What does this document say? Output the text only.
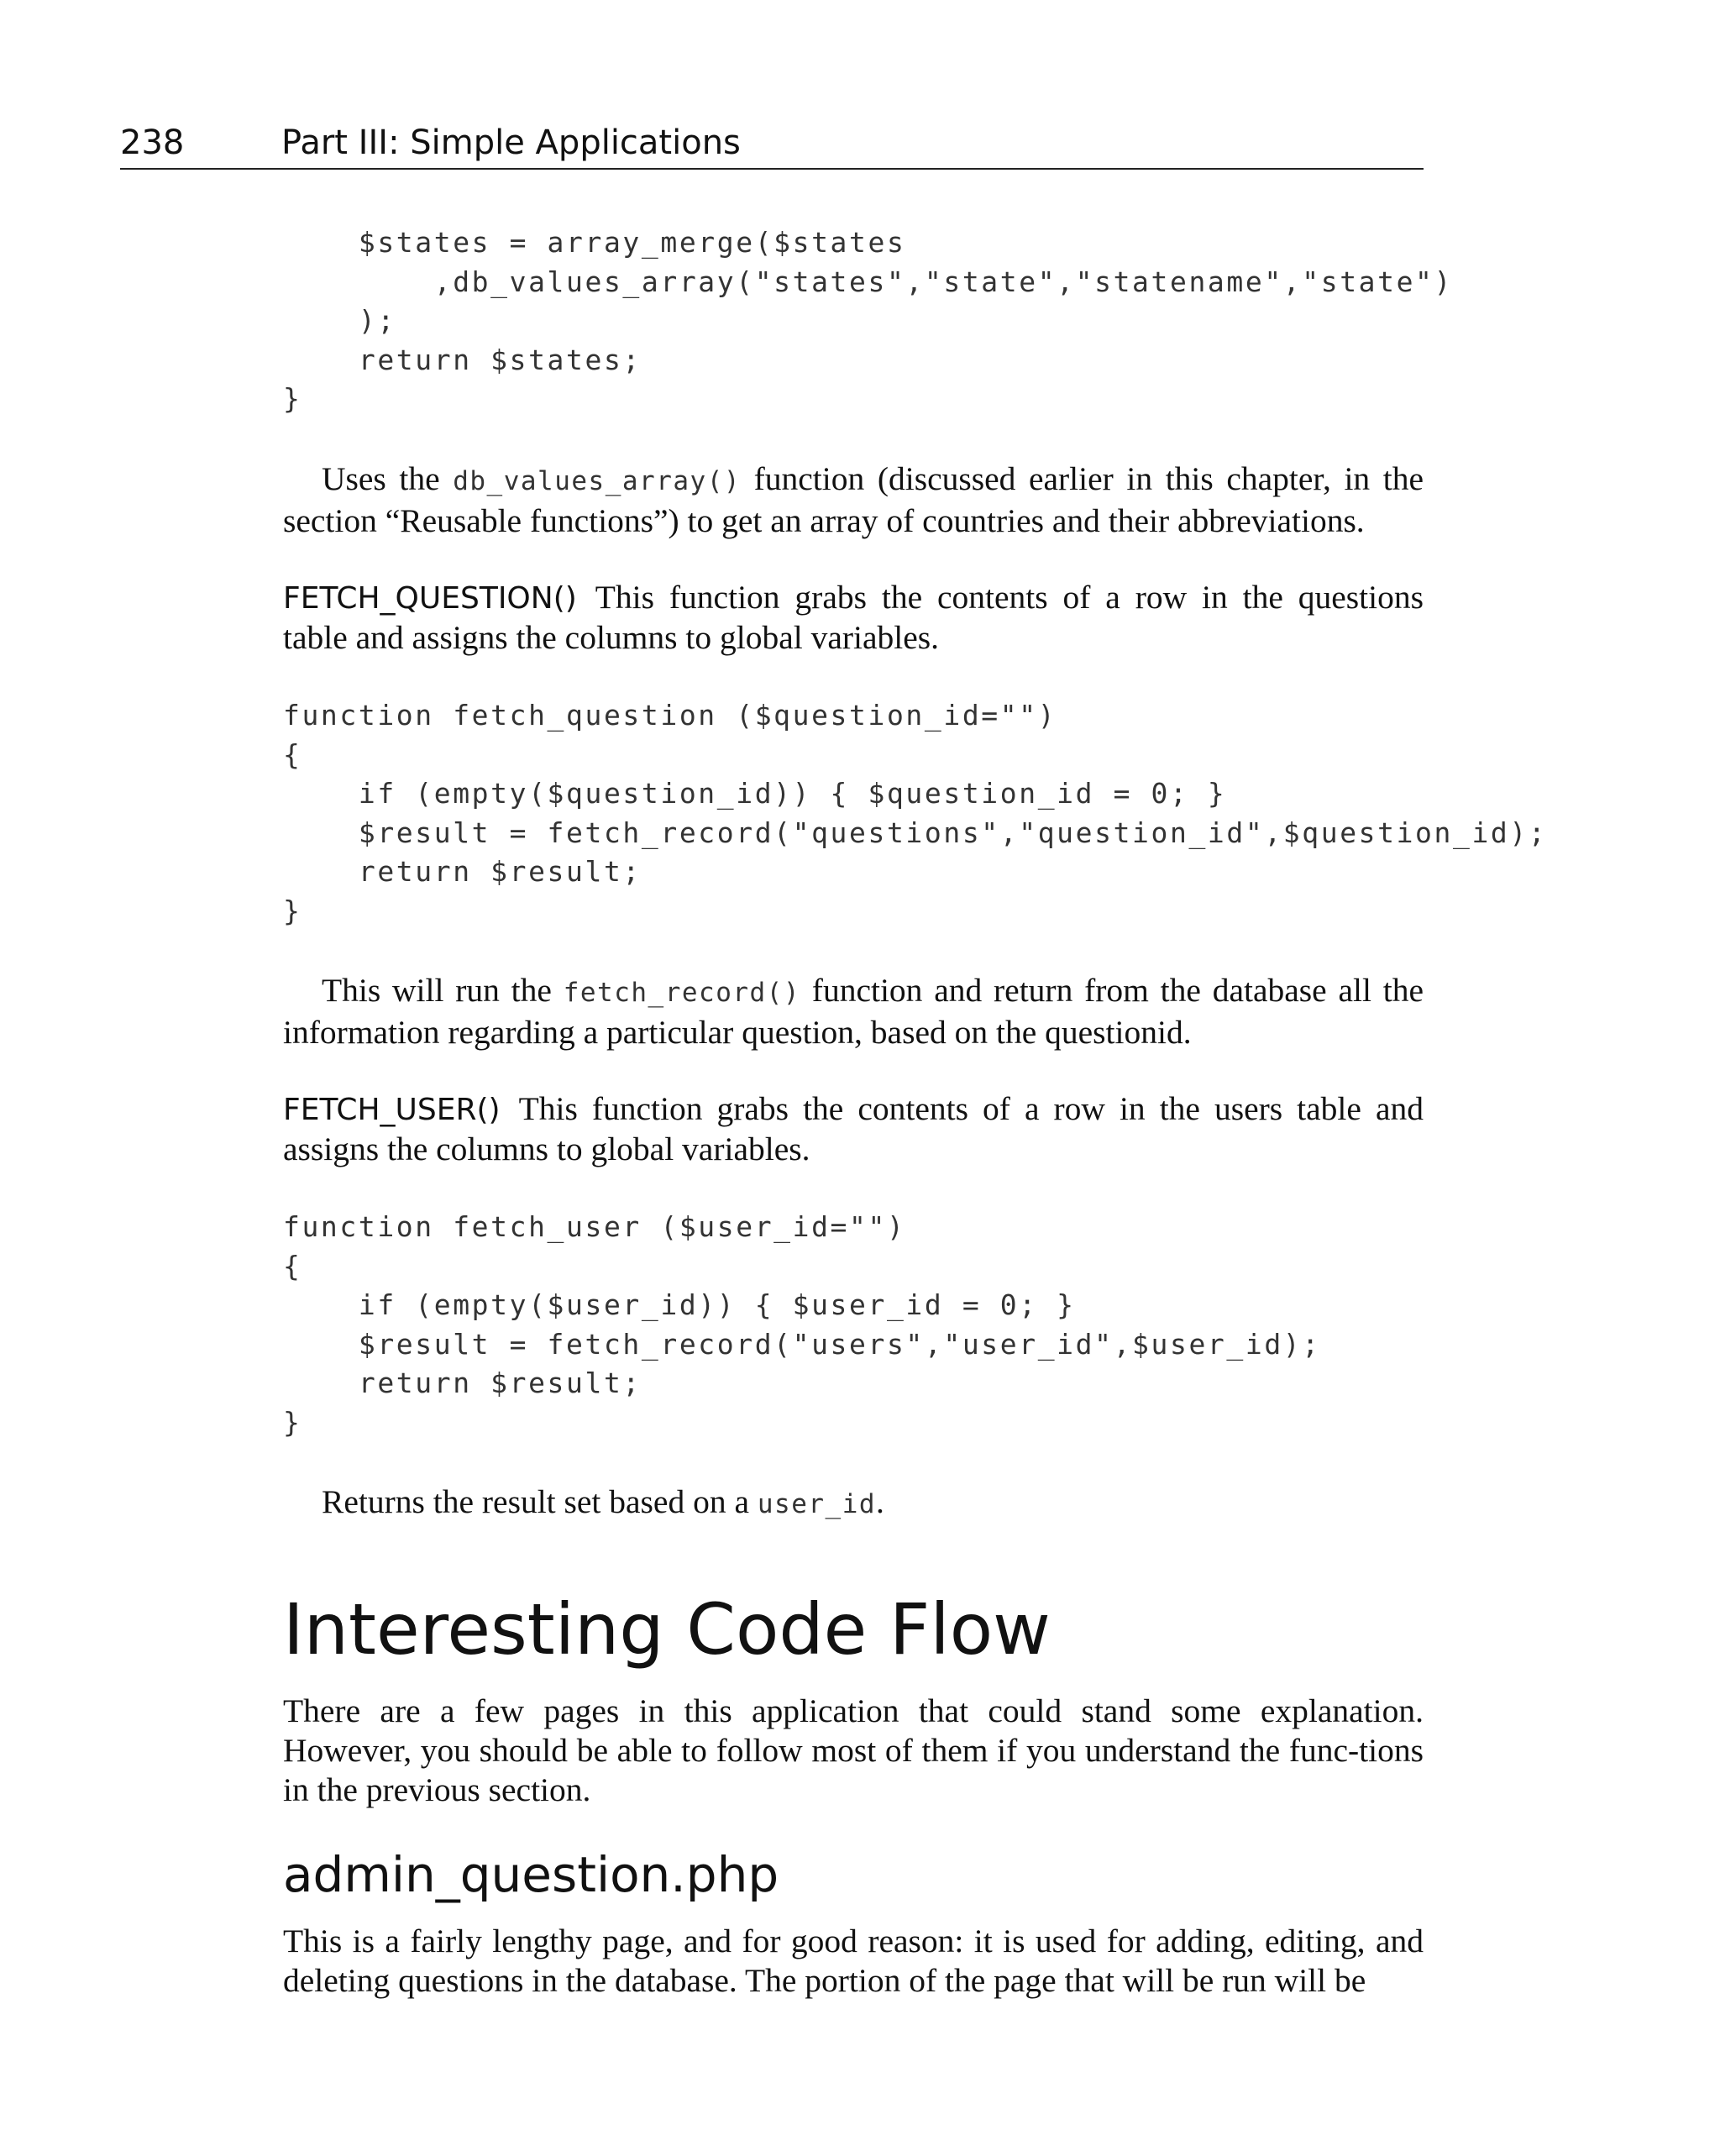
238	Part III: Simple Applications
$states = array_merge($states
,db_values_array("states","state","statename","state")
);
return $states;
}

Uses the db_values_array() function (discussed earlier in this chapter, in the section “Reusable functions”) to get an array of countries and their abbreviations.

FETCH_QUESTION() This function grabs the contents of a row in the questions table and assigns the columns to global variables.

function fetch_question ($question_id="")
{
if (empty($question_id)) { $question_id = 0; }
$result = fetch_record("questions","question_id",$question_id);
return $result;
}

This will run the fetch_record() function and return from the database all the information regarding a particular question, based on the questionid.

FETCH_USER() This function grabs the contents of a row in the users table and assigns the columns to global variables.

function fetch_user ($user_id="")
{
if (empty($user_id)) { $user_id = 0; }
$result = fetch_record("users","user_id",$user_id);
return $result;
}

Returns the result set based on a user_id.

Interesting Code Flow

There are a few pages in this application that could stand some explanation. However, you should be able to follow most of them if you understand the func-tions in the previous section.

admin_question.php

This is a fairly lengthy page, and for good reason: it is used for adding, editing, and deleting questions in the database. The portion of the page that will be run will be
